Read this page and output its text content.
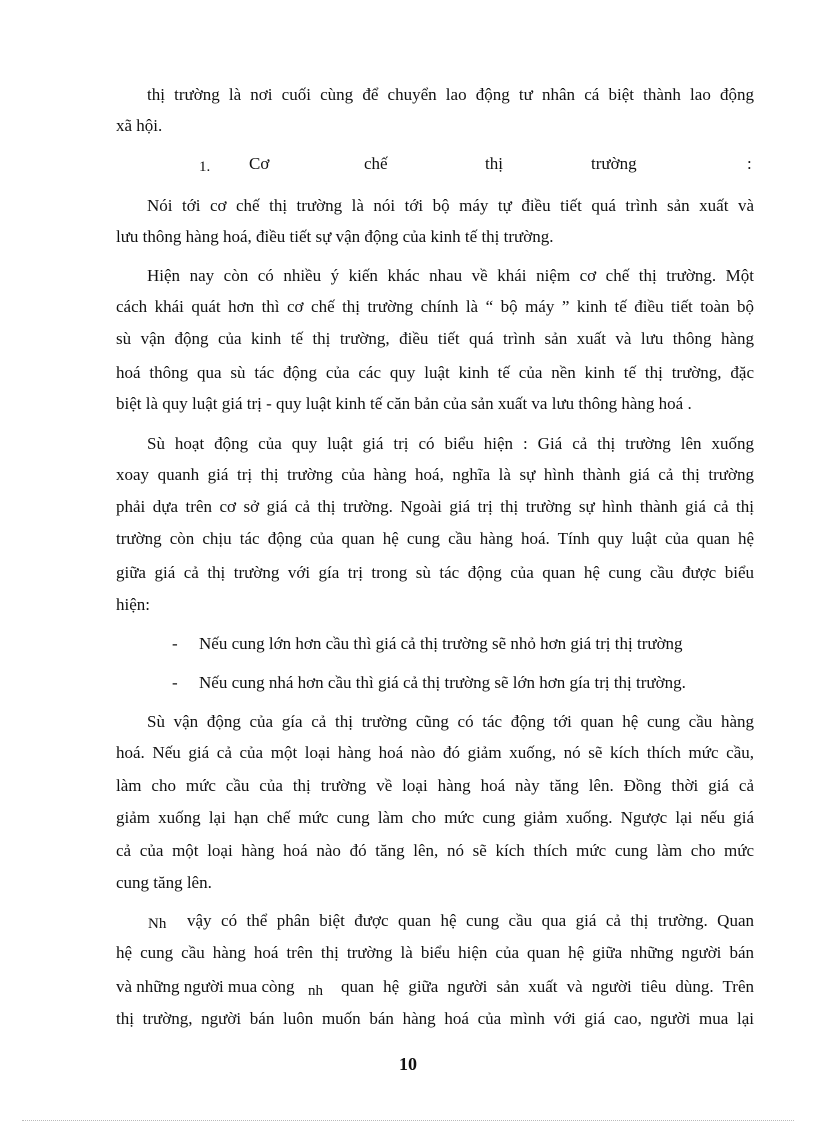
thị trường là nơi cuối cùng để chuyển lao động tư nhân cá biệt thành lao động
xã hội.
1. Cơ	chế	thị	trường	:
Nói tới cơ chế thị trường là nói tới bộ máy tự điều tiết quá trình sản xuất và
lưu thông hàng hoá, điều tiết sự vận động của kinh tế thị trường.
Hiện nay còn có nhiều ý kiến khác nhau về khái niệm cơ chế thị trường. Một
cách khái quát hơn thì cơ chế thị trường chính là “ bộ máy ” kinh tế điều tiết toàn bộ
sù vận động của kinh tế thị trường, điều tiết quá trình sản xuất và lưu thông hàng
hoá thông qua sù tác động của các quy luật kinh tế của nền kinh tế thị trường, đặc
biệt là quy luật giá trị - quy luật kinh tế căn bản của sản xuất va lưu thông hàng hoá .
Sù hoạt động của quy luật giá trị có biểu hiện : Giá cả thị trường lên xuống
xoay quanh giá trị thị trường của hàng hoá, nghĩa là sự hình thành giá cả thị trường
phải dựa trên cơ sở giá cả thị trường. Ngoài giá trị thị trường sự hình thành giá cả thị
trường còn chịu tác động của quan hệ cung cầu hàng hoá. Tính quy luật của quan hệ
giữa giá cả thị trường với gía trị trong sù tác động của quan hệ cung cầu được biểu
hiện:
- Nếu cung lớn hơn cầu thì giá cả thị trường sẽ nhỏ hơn giá trị thị trường
- Nếu cung nhá hơn cầu thì giá cả thị trường sẽ lớn hơn gía trị thị trường.
Sù vận động của gía cả thị trường cũng có tác động tới quan hệ cung cầu hàng
hoá. Nếu giá cả của một loại hàng hoá nào đó giảm xuống, nó sẽ kích thích mức cầu,
làm cho mức cầu của thị trường về loại hàng hoá này tăng lên. Đồng thời giá cả
giảm xuống lại hạn chế mức cung làm cho mức cung giảm xuống. Ngược lại nếu giá
cả của một loại hàng hoá nào đó tăng lên, nó sẽ kích thích mức cung làm cho mức
cung tăng lên.
Nh vậy có thể phân biệt được quan hệ cung cầu qua giá cả thị trường. Quan
hệ cung cầu hàng hoá trên thị trường là biểu hiện của quan hệ giữa những người bán
và những người mua còng nh quan hệ giữa người sản xuất và người tiêu dùng. Trên
thị trường, người bán luôn muốn bán hàng hoá của mình với giá cao, người mua lại
10
